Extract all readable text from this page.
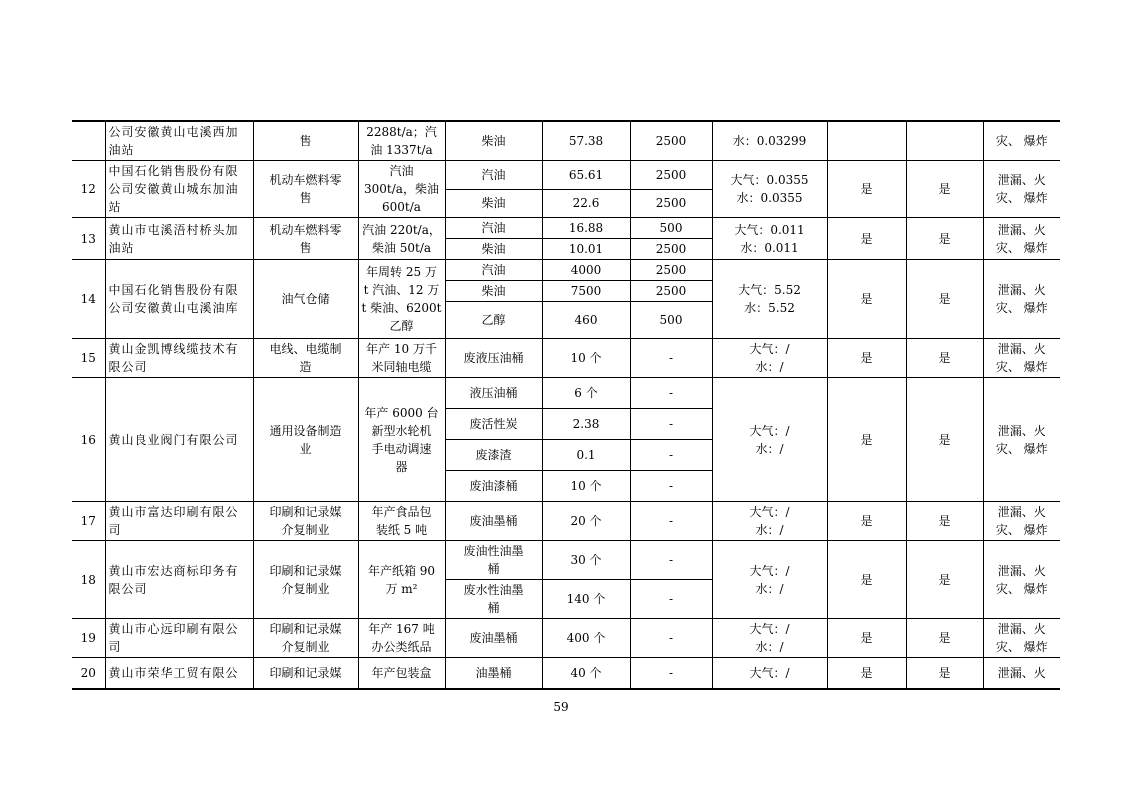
	公司安徽黄山屯溪西加
油站	售	2288t/a；汽
油 1337t/a	柴油	57.38	2500	水：0.03299			灾、 爆炸
12	中国石化销售股份有限
公司安徽黄山城东加油
站	机动车燃料零
售	汽油
300t/a，柴油
600t/a	汽油	65.61	2500	大气：0.0355
水：0.0355	是	是	泄漏、火
灾、 爆炸
				柴油	22.6	2500				
13	黄山市屯溪浯村桥头加
油站	机动车燃料零
售	汽油 220t/a，
柴油 50t/a	汽油	16.88	500	大气：0.011
水：0.011	是	是	泄漏、火
灾、 爆炸
				柴油	10.01	2500				
14	中国石化销售股份有限
公司安徽黄山屯溪油库	油气仓储	年周转 25 万
t 汽油、12 万
t 柴油、6200t
乙醇	汽油	4000	2500	大气：5.52
水：5.52	是	是	泄漏、火
灾、 爆炸
				柴油	7500	2500				
				乙醇	460	500				
15	黄山金凯博线缆技术有
限公司	电线、电缆制
造	年产 10 万千
米同轴电缆	废液压油桶	10 个	-	大气：/
水：/	是	是	泄漏、火
灾、 爆炸
16	黄山良业阀门有限公司	通用设备制造
业	年产 6000 台
新型水轮机
手电动调速
器	液压油桶	6 个	-	大气：/
水：/	是	是	泄漏、火
灾、 爆炸
				废活性炭	2.38	-				
				废漆渣	0.1	-				
				废油漆桶	10 个	-				
17	黄山市富达印刷有限公
司	印刷和记录媒
介复制业	年产食品包
装纸 5 吨	废油墨桶	20 个	-	大气：/
水：/	是	是	泄漏、火
灾、 爆炸
18	黄山市宏达商标印务有
限公司	印刷和记录媒
介复制业	年产纸箱 90
万 m²	废油性油墨
桶	30 个	-	大气：/
水：/	是	是	泄漏、火
灾、 爆炸
				废水性油墨
桶	140 个	-				
19	黄山市心远印刷有限公
司	印刷和记录媒
介复制业	年产 167 吨
办公类纸品	废油墨桶	400 个	-	大气：/
水：/	是	是	泄漏、火
灾、 爆炸
20	黄山市荣华工贸有限公	印刷和记录媒	年产包装盒	油墨桶	40 个	-	大气：/	是	是	泄漏、火
59
